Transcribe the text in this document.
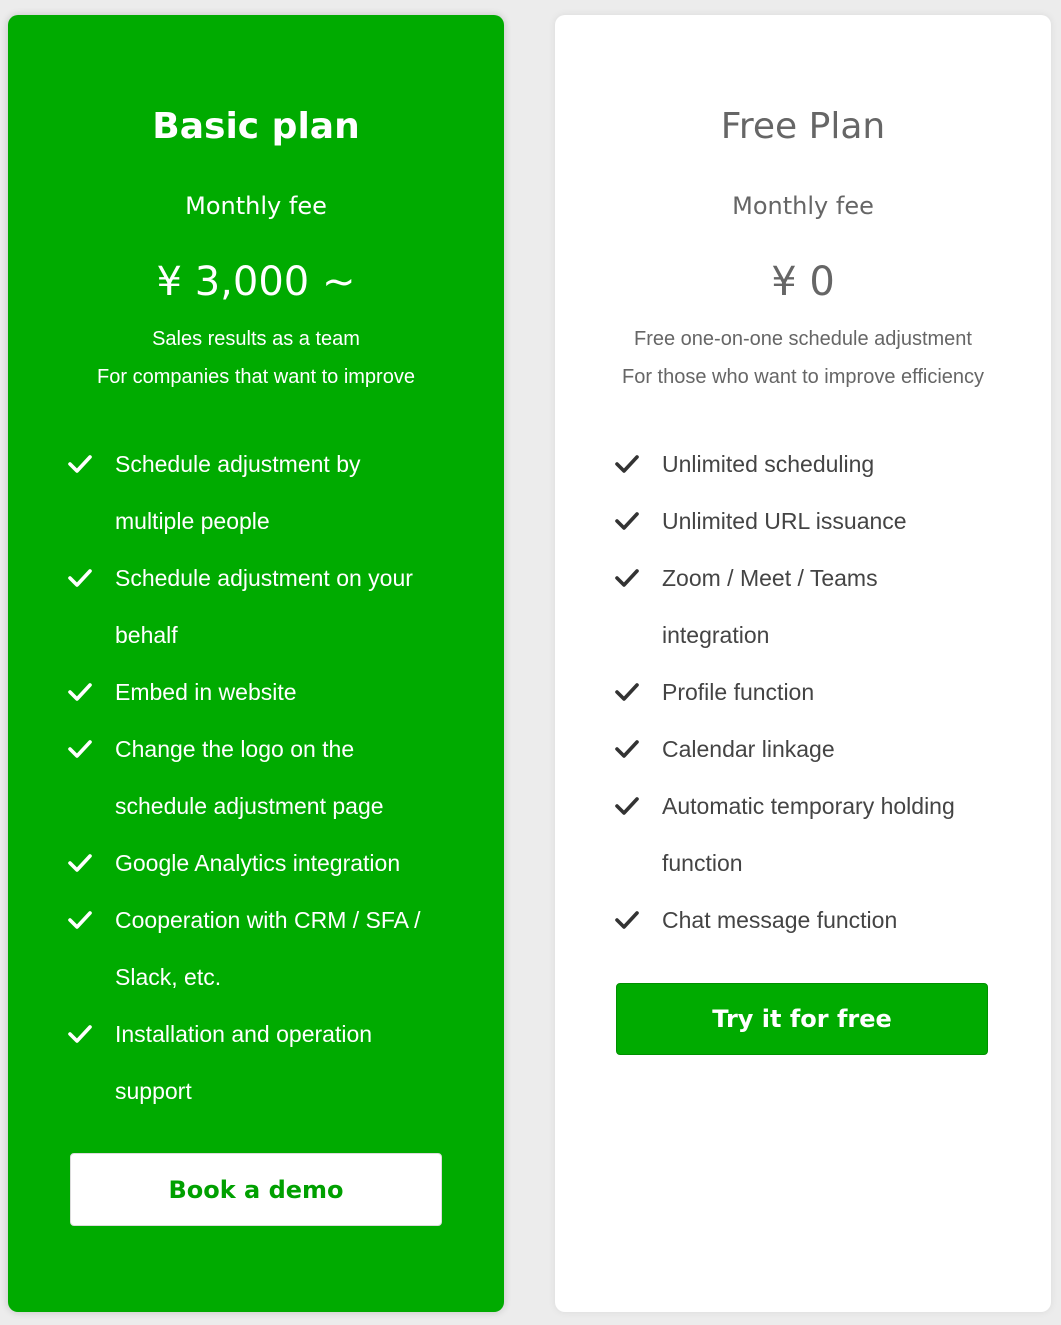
Basic plan
Monthly fee
¥ 3,000 ~
Sales results as a team
For companies that want to improve
Schedule adjustment by
multiple people
Schedule adjustment on your
behalf
Embed in website
Change the logo on the
schedule adjustment page
Google Analytics integration
Cooperation with CRM / SFA /
Slack, etc.
Installation and operation
support
Book a demo
Free Plan
Monthly fee
¥ 0
Free one-on-one schedule adjustment
For those who want to improve efficiency
Unlimited scheduling
Unlimited URL issuance
Zoom / Meet / Teams
integration
Profile function
Calendar linkage
Automatic temporary holding
function
Chat message function
Try it for free
